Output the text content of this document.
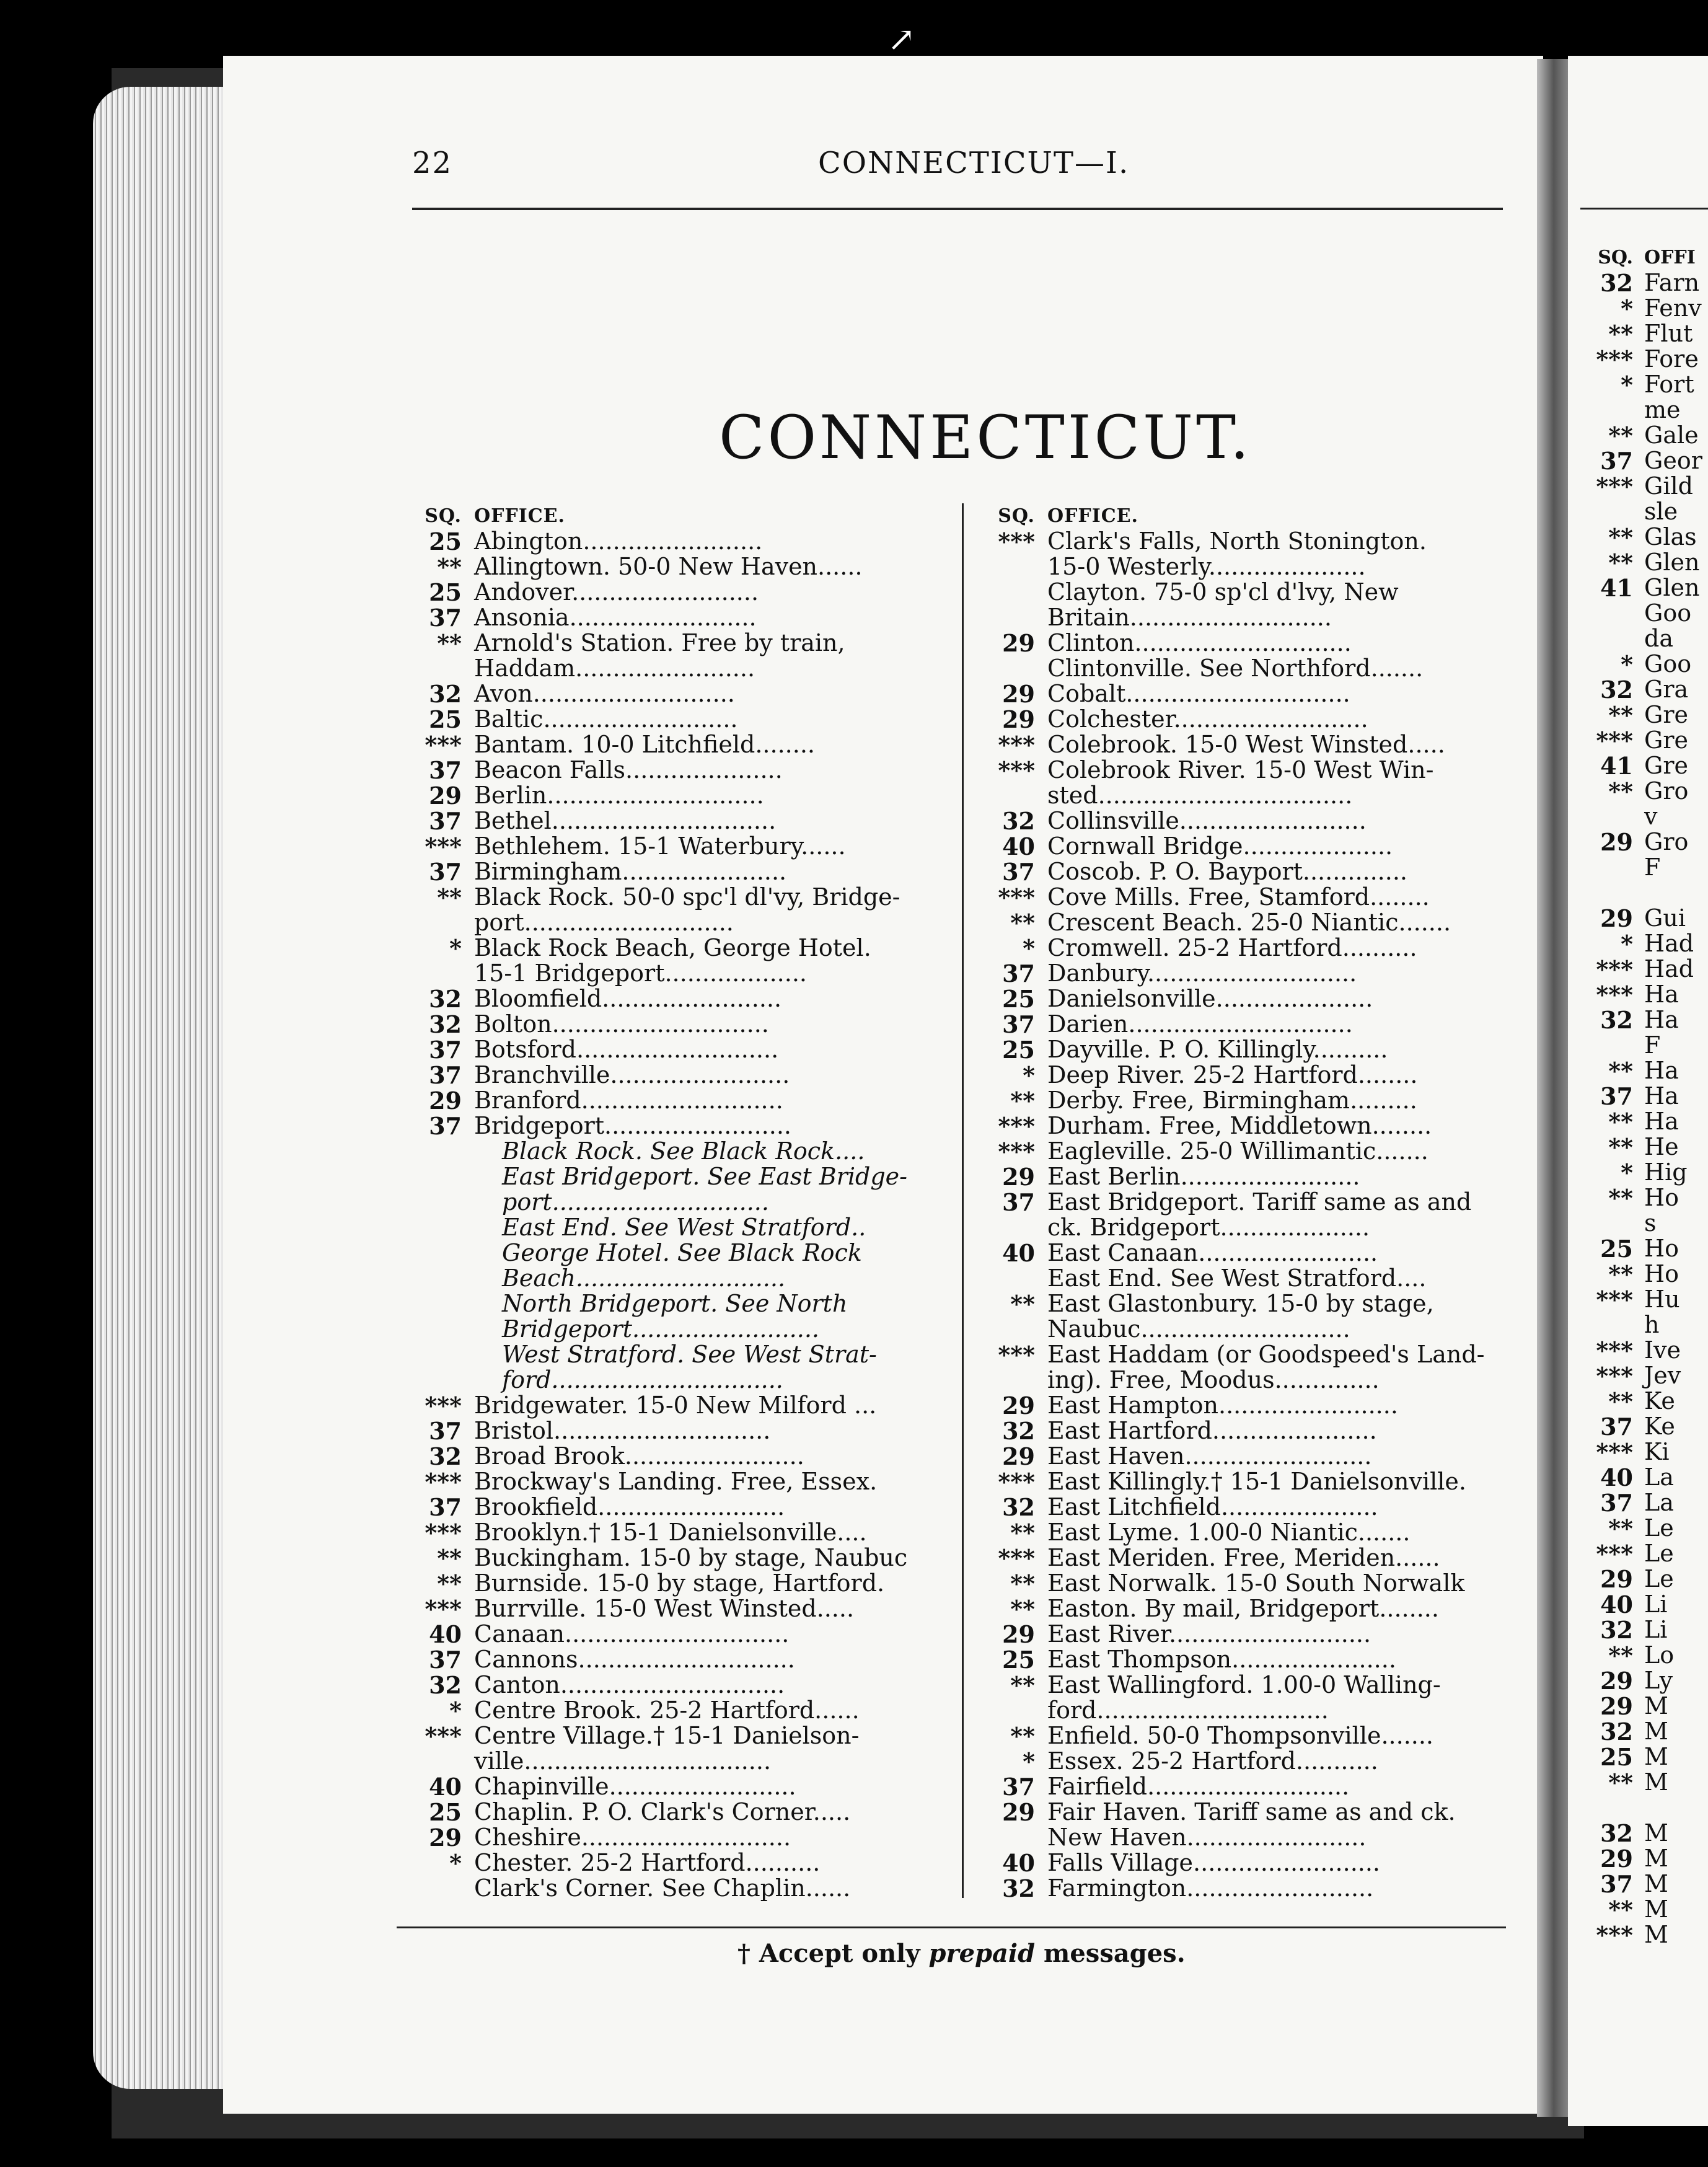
↗
22	CONNECTICUT—I.
CONNECTICUT.
SQ. OFFICE.
25 Abington........................
** Allingtown. 50-0 New Haven......
25 Andover.........................
37 Ansonia.........................
** Arnold's Station. Free by train,
Haddam........................
32 Avon...........................
25 Baltic..........................
*** Bantam. 10-0 Litchfield........
37 Beacon Falls.....................
29 Berlin.............................
37 Bethel..............................
*** Bethlehem. 15-1 Waterbury......
37 Birmingham......................
** Black Rock. 50-0 spc'l dl'vy, Bridge-
port............................
* Black Rock Beach, George Hotel.
15-1 Bridgeport...................
32 Bloomfield........................
32 Bolton.............................
37 Botsford...........................
37 Branchville........................
29 Branford...........................
37 Bridgeport.........................
Black Rock. See Black Rock....
East Bridgeport. See East Bridge-
port.............................
East End. See West Stratford..
George Hotel. See Black Rock
Beach............................
North Bridgeport. See North
Bridgeport.........................
West Stratford. See West Strat-
ford...............................
*** Bridgewater. 15-0 New Milford ...
37 Bristol.............................
32 Broad Brook........................
*** Brockway's Landing. Free, Essex.
37 Brookfield.........................
*** Brooklyn.† 15-1 Danielsonville....
** Buckingham. 15-0 by stage, Naubuc
** Burnside. 15-0 by stage, Hartford.
*** Burrville. 15-0 West Winsted.....
40 Canaan..............................
37 Cannons.............................
32 Canton..............................
* Centre Brook. 25-2 Hartford......
*** Centre Village.† 15-1 Danielson-
ville.................................
40 Chapinville.........................
25 Chaplin. P. O. Clark's Corner.....
29 Cheshire............................
* Chester. 25-2 Hartford..........
Clark's Corner. See Chaplin......
SQ. OFFICE.
*** Clark's Falls, North Stonington.
15-0 Westerly.....................
Clayton. 75-0 sp'cl d'lvy, New
Britain...........................
29 Clinton.............................
Clintonville. See Northford.......
29 Cobalt..............................
29 Colchester..........................
*** Colebrook. 15-0 West Winsted.....
*** Colebrook River. 15-0 West Win-
sted..................................
32 Collinsville.........................
40 Cornwall Bridge....................
37 Coscob. P. O. Bayport..............
*** Cove Mills. Free, Stamford........
** Crescent Beach. 25-0 Niantic.......
* Cromwell. 25-2 Hartford..........
37 Danbury............................
25 Danielsonville.....................
37 Darien..............................
25 Dayville. P. O. Killingly..........
* Deep River. 25-2 Hartford........
** Derby. Free, Birmingham.........
*** Durham. Free, Middletown........
*** Eagleville. 25-0 Willimantic.......
29 East Berlin........................
37 East Bridgeport. Tariff same as and
ck. Bridgeport....................
40 East Canaan........................
East End. See West Stratford....
** East Glastonbury. 15-0 by stage,
Naubuc............................
*** East Haddam (or Goodspeed's Land-
ing). Free, Moodus..............
29 East Hampton........................
32 East Hartford......................
29 East Haven.........................
*** East Killingly.† 15-1 Danielsonville.
32 East Litchfield.....................
** East Lyme. 1.00-0 Niantic.......
*** East Meriden. Free, Meriden......
** East Norwalk. 15-0 South Norwalk
** Easton. By mail, Bridgeport........
29 East River...........................
25 East Thompson......................
** East Wallingford. 1.00-0 Walling-
ford...............................
** Enfield. 50-0 Thompsonville.......
* Essex. 25-2 Hartford...........
37 Fairfield...........................
29 Fair Haven. Tariff same as and ck.
New Haven........................
40 Falls Village.........................
32 Farmington.........................
SQ. OFFI
32 Farn
* Fenv
** Flut
*** Fore
* Fort
me
** Gale
37 Geor
*** Gild
sle
** Glas
** Glen
41 Glen
Goo
da
* Goo
32 Gra
** Gre
*** Gre
41 Gre
** Gro
v
29 Gro
F
29 Gui
* Had
*** Had
*** Ha
32 Ha
F
** Ha
37 Ha
** Ha
** He
* Hig
** Ho
s
25 Ho
** Ho
*** Hu
h
*** Ive
*** Jev
** Ke
37 Ke
*** Ki
40 La
37 La
** Le
*** Le
29 Le
40 Li
32 Li
** Lo
29 Ly
29 M
32 M
25 M
** M
32 M
29 M
37 M
** M
*** M
† Accept only prepaid messages.
